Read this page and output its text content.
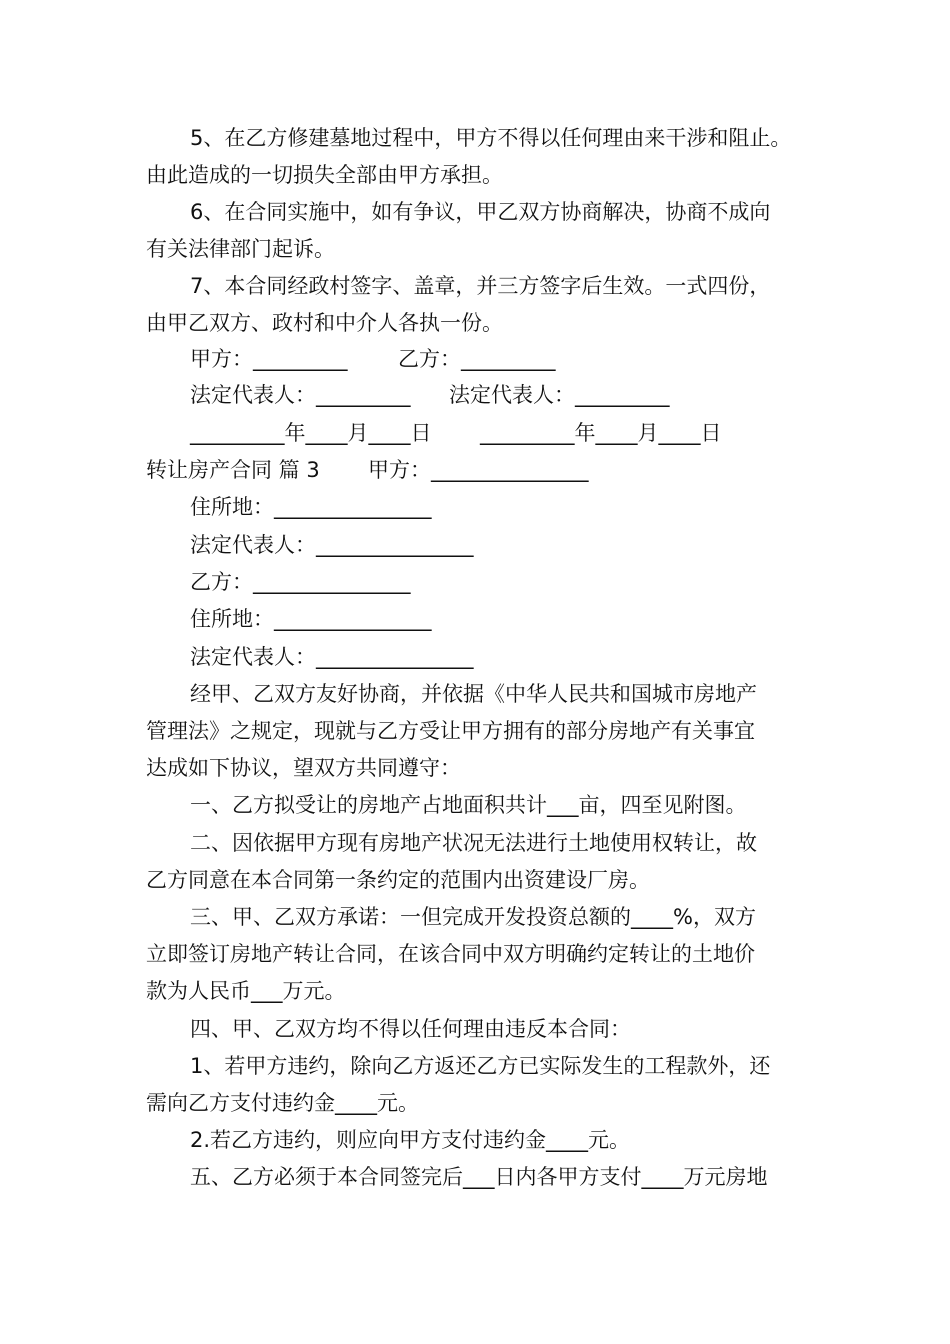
5、在乙方修建墓地过程中，甲方不得以任何理由来干涉和阻止。
由此造成的一切损失全部由甲方承担。
6、在合同实施中，如有争议，甲乙双方协商解决，协商不成向
有关法律部门起诉。
7、本合同经政村签字、盖章，并三方签字后生效。一式四份，
由甲乙双方、政村和中介人各执一份。
甲方：_________ 乙方：_________
法定代表人：_________ 法定代表人：_________
_________年____月____日 _________年____月____日
转让房产合同 篇 3 甲方：_______________
住所地：_______________
法定代表人：_______________
乙方：_______________
住所地：_______________
法定代表人：_______________
经甲、乙双方友好协商，并依据《中华人民共和国城市房地产
管理法》之规定，现就与乙方受让甲方拥有的部分房地产有关事宜
达成如下协议，望双方共同遵守：
一、乙方拟受让的房地产占地面积共计___亩，四至见附图。
二、因依据甲方现有房地产状况无法进行土地使用权转让，故
乙方同意在本合同第一条约定的范围内出资建设厂房。
三、甲、乙双方承诺：一但完成开发投资总额的____%，双方
立即签订房地产转让合同，在该合同中双方明确约定转让的土地价
款为人民币___万元。
四、甲、乙双方均不得以任何理由违反本合同：
1、若甲方违约，除向乙方返还乙方已实际发生的工程款外，还
需向乙方支付违约金____元。
2.若乙方违约，则应向甲方支付违约金____元。
五、乙方必须于本合同签完后___日内各甲方支付____万元房地
